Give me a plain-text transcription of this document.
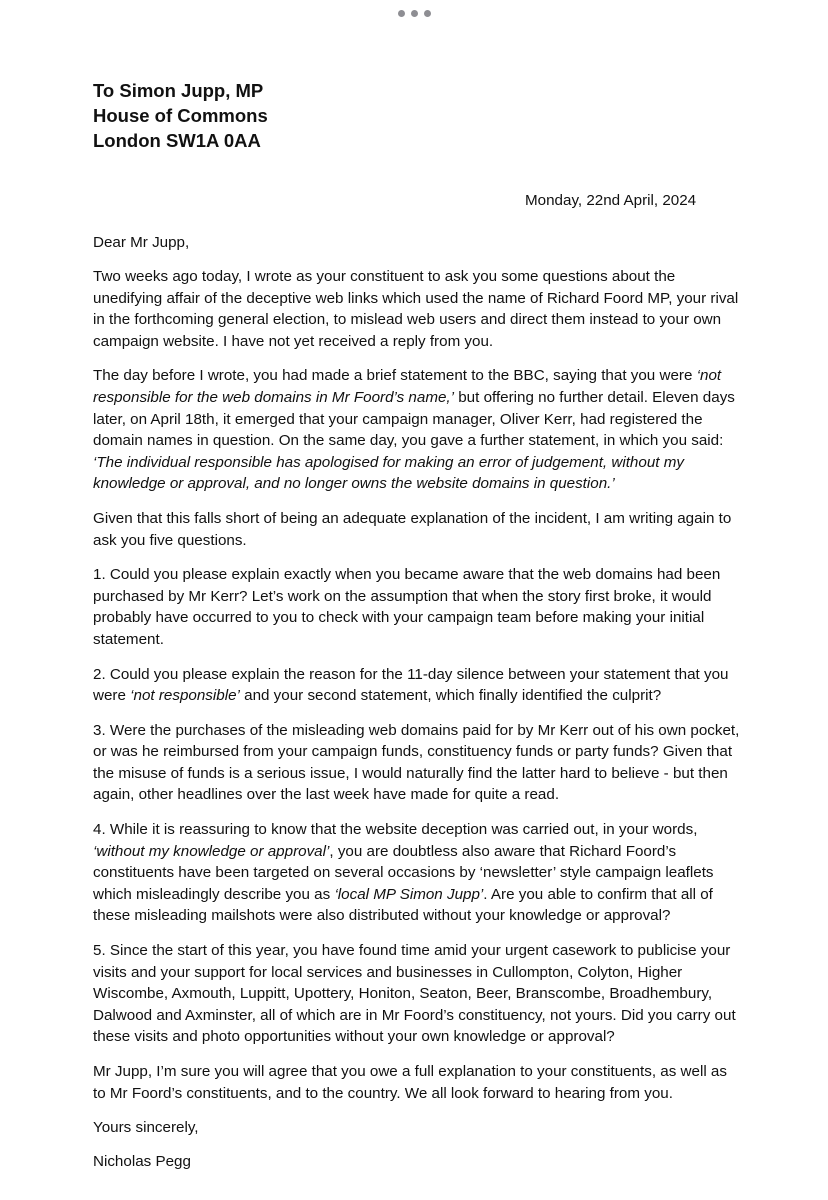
To Simon Jupp, MP
House of Commons
London SW1A 0AA
Monday, 22nd April, 2024
Dear Mr Jupp,

Two weeks ago today, I wrote as your constituent to ask you some questions about the unedifying affair of the deceptive web links which used the name of Richard Foord MP, your rival in the forthcoming general election, to mislead web users and direct them instead to your own campaign website. I have not yet received a reply from you.

The day before I wrote, you had made a brief statement to the BBC, saying that you were ‘not responsible for the web domains in Mr Foord’s name,’ but offering no further detail. Eleven days later, on April 18th, it emerged that your campaign manager, Oliver Kerr, had registered the domain names in question. On the same day, you gave a further statement, in which you said: ‘The individual responsible has apologised for making an error of judgement, without my knowledge or approval, and no longer owns the website domains in question.’

Given that this falls short of being an adequate explanation of the incident, I am writing again to ask you five questions.

1. Could you please explain exactly when you became aware that the web domains had been purchased by Mr Kerr? Let’s work on the assumption that when the story first broke, it would probably have occurred to you to check with your campaign team before making your initial statement.

2. Could you please explain the reason for the 11-day silence between your statement that you were ‘not responsible’ and your second statement, which finally identified the culprit?

3. Were the purchases of the misleading web domains paid for by Mr Kerr out of his own pocket, or was he reimbursed from your campaign funds, constituency funds or party funds? Given that the misuse of funds is a serious issue, I would naturally find the latter hard to believe - but then again, other headlines over the last week have made for quite a read.

4. While it is reassuring to know that the website deception was carried out, in your words, ‘without my knowledge or approval’, you are doubtless also aware that Richard Foord’s constituents have been targeted on several occasions by ‘newsletter’ style campaign leaflets which misleadingly describe you as ‘local MP Simon Jupp’. Are you able to confirm that all of these misleading mailshots were also distributed without your knowledge or approval?

5. Since the start of this year, you have found time amid your urgent casework to publicise your visits and your support for local services and businesses in Cullompton, Colyton, Higher Wiscombe, Axmouth, Luppitt, Upottery, Honiton, Seaton, Beer, Branscombe, Broadhembury, Dalwood and Axminster, all of which are in Mr Foord’s constituency, not yours. Did you carry out these visits and photo opportunities without your own knowledge or approval?

Mr Jupp, I’m sure you will agree that you owe a full explanation to your constituents, as well as to Mr Foord’s constituents, and to the country. We all look forward to hearing from you.

Yours sincerely,
Nicholas Pegg
